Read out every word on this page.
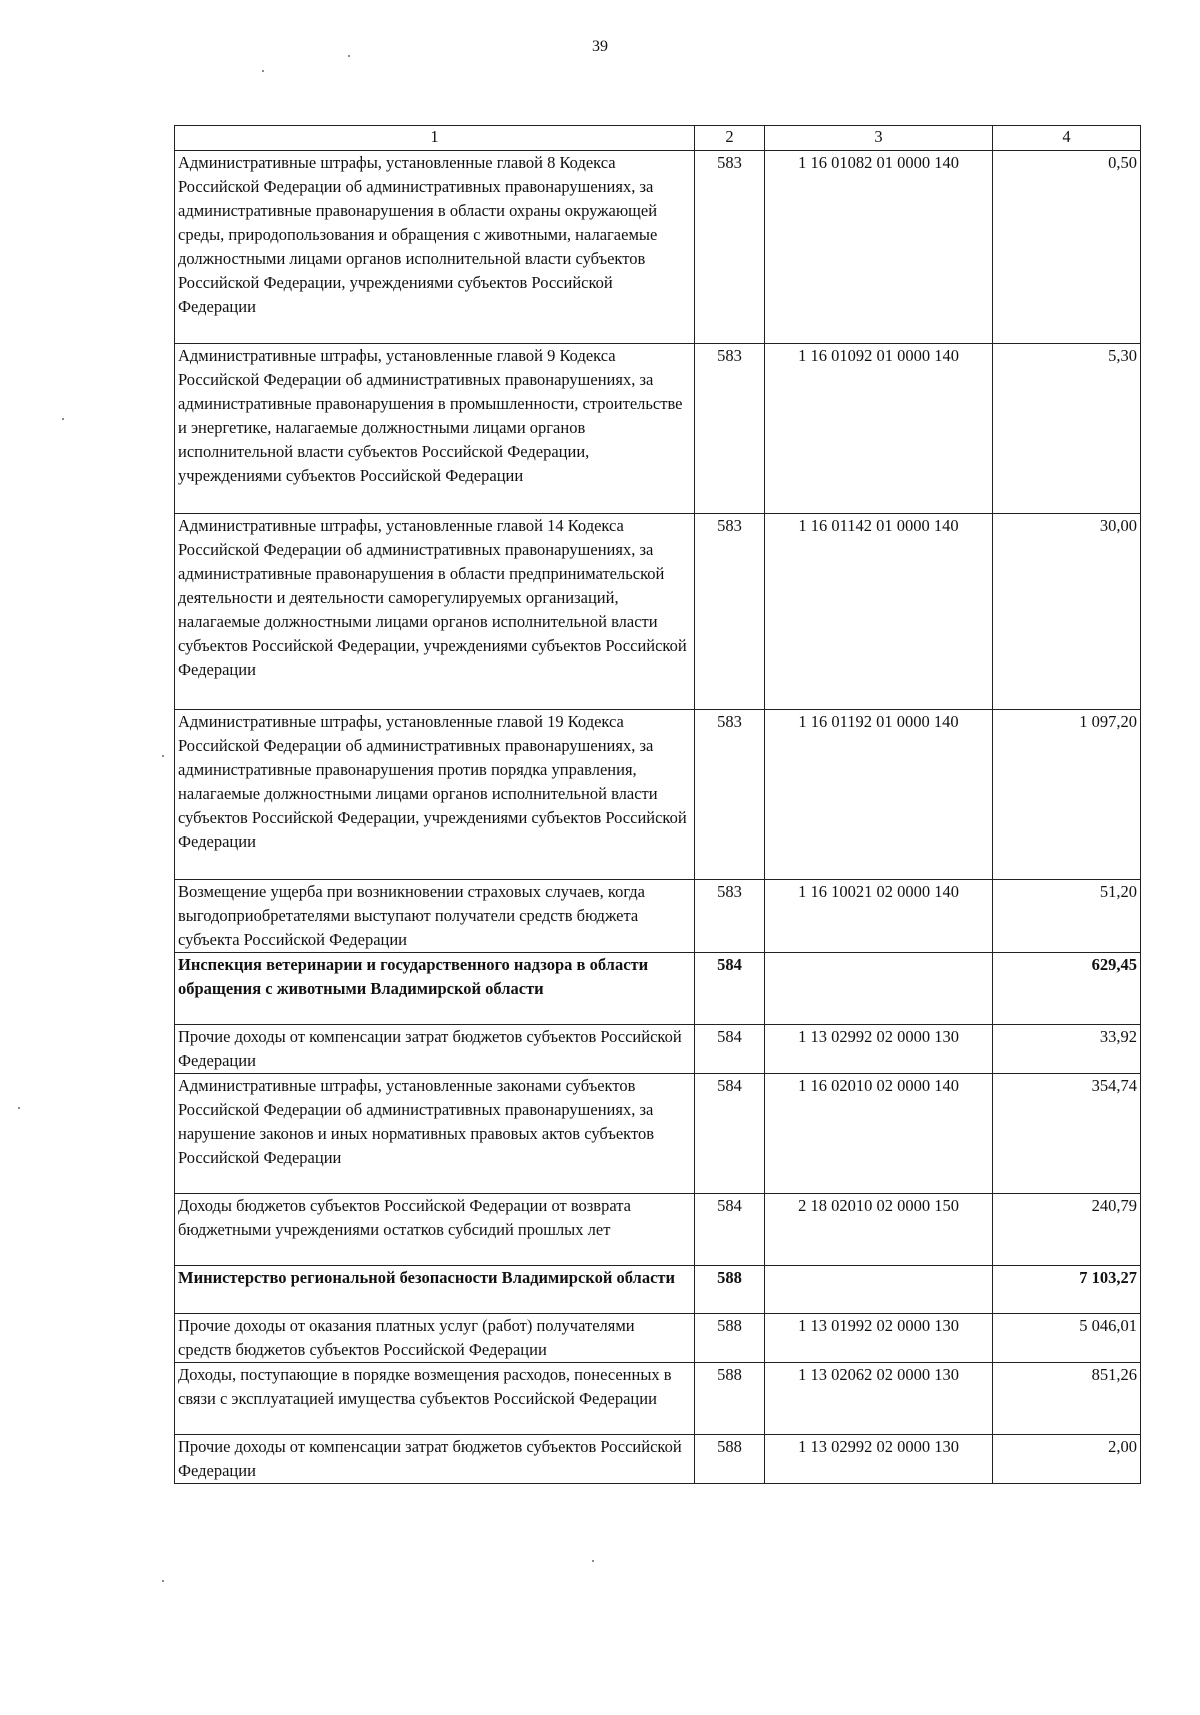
39
1	2	3	4
Административные штрафы, установленные главой 8 Кодекса Российской Федерации об административных правонарушениях, за административные правонарушения в области охраны окружающей среды, природопользования и обращения с животными, налагаемые должностными лицами органов исполнительной власти субъектов Российской Федерации, учреждениями субъектов Российской Федерации	583	1 16 01082 01 0000 140	0,50
Административные штрафы, установленные главой 9 Кодекса Российской Федерации об административных правонарушениях, за административные правонарушения в промышленности, строительстве и энергетике, налагаемые должностными лицами органов исполнительной власти субъектов Российской Федерации, учреждениями субъектов Российской Федерации	583	1 16 01092 01 0000 140	5,30
Административные штрафы, установленные главой 14 Кодекса Российской Федерации об административных правонарушениях, за административные правонарушения в области предпринимательской деятельности и деятельности саморегулируемых организаций, налагаемые должностными лицами органов исполнительной власти субъектов Российской Федерации, учреждениями субъектов Российской Федерации	583	1 16 01142 01 0000 140	30,00
Административные штрафы, установленные главой 19 Кодекса Российской Федерации об административных правонарушениях, за административные правонарушения против порядка управления, налагаемые должностными лицами органов исполнительной власти субъектов Российской Федерации, учреждениями субъектов Российской Федерации	583	1 16 01192 01 0000 140	1 097,20
Возмещение ущерба при возникновении страховых случаев, когда выгодоприобретателями выступают получатели средств бюджета субъекта Российской Федерации	583	1 16 10021 02 0000 140	51,20
Инспекция ветеринарии и государственного надзора в области обращения с животными Владимирской области	584		629,45
Прочие доходы от компенсации затрат бюджетов субъектов Российской Федерации	584	1 13 02992 02 0000 130	33,92
Административные штрафы, установленные законами субъектов Российской Федерации об административных правонарушениях, за нарушение законов и иных нормативных правовых актов субъектов Российской Федерации	584	1 16 02010 02 0000 140	354,74
Доходы бюджетов субъектов Российской Федерации от возврата бюджетными учреждениями остатков субсидий прошлых лет	584	2 18 02010 02 0000 150	240,79
Министерство региональной безопасности Владимирской области	588		7 103,27
Прочие доходы от оказания платных услуг (работ) получателями средств бюджетов субъектов Российской Федерации	588	1 13 01992 02 0000 130	5 046,01
Доходы, поступающие в порядке возмещения расходов, понесенных в связи с эксплуатацией имущества субъектов Российской Федерации	588	1 13 02062 02 0000 130	851,26
Прочие доходы от компенсации затрат бюджетов субъектов Российской Федерации	588	1 13 02992 02 0000 130	2,00
